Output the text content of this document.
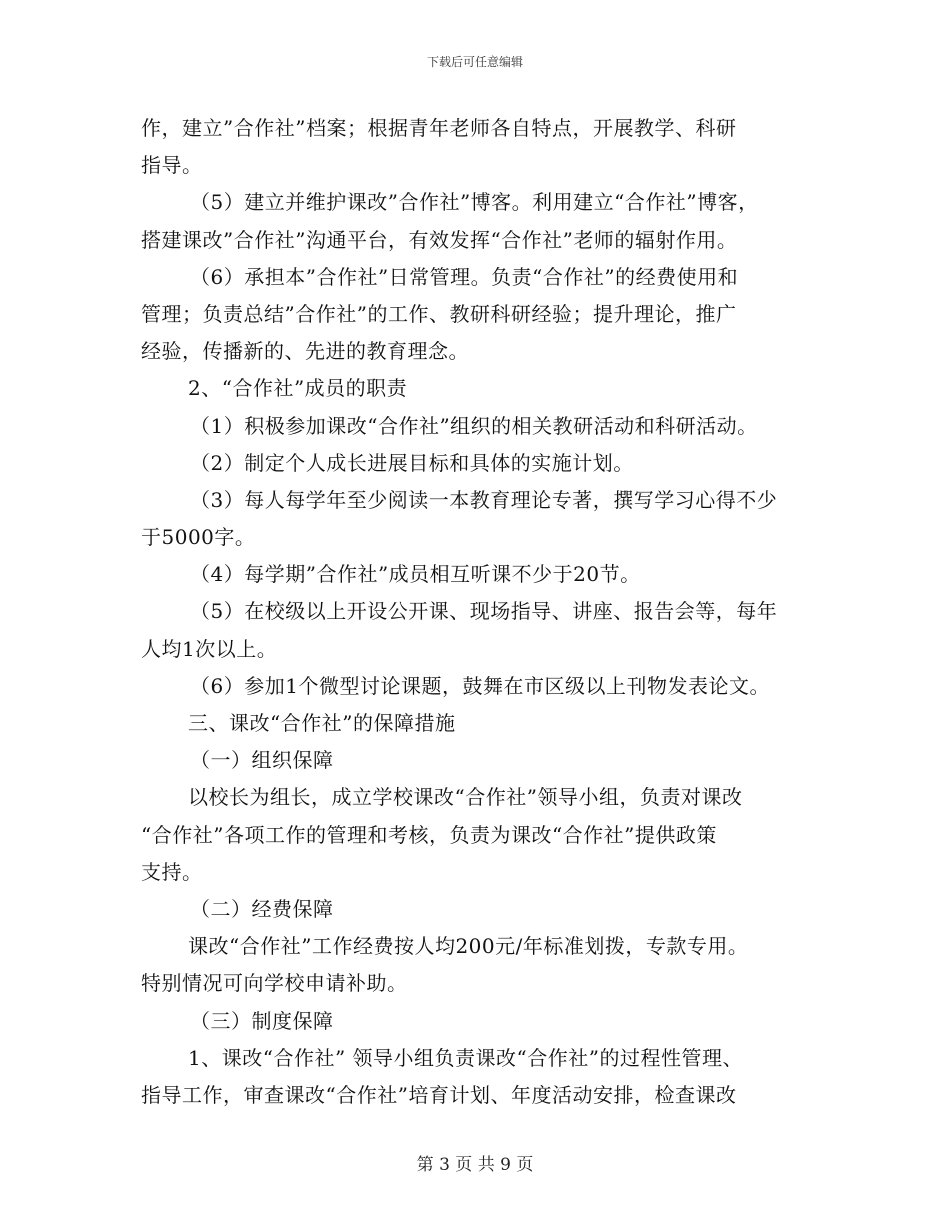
下载后可任意编辑
作，建立”合作社”档案；根据青年老师各自特点，开展教学、科研
指导。
（5）建立并维护课改”合作社”博客。利用建立“合作社”博客，
搭建课改”合作社”沟通平台，有效发挥“合作社”老师的辐射作用。
（6）承担本”合作社”日常管理。负责“合作社”的经费使用和
管理；负责总结”合作社”的工作、教研科研经验；提升理论，推广
经验，传播新的、先进的教育理念。
2、“合作社”成员的职责
（1）积极参加课改“合作社”组织的相关教研活动和科研活动。
（2）制定个人成长进展目标和具体的实施计划。
（3）每人每学年至少阅读一本教育理论专著，撰写学习心得不少
于5000字。
（4）每学期”合作社”成员相互听课不少于20节。
（5）在校级以上开设公开课、现场指导、讲座、报告会等，每年
人均1次以上。
（6）参加1个微型讨论课题，鼓舞在市区级以上刊物发表论文。
三、课改“合作社”的保障措施
（一）组织保障
以校长为组长，成立学校课改“合作社”领导小组，负责对课改
“合作社”各项工作的管理和考核，负责为课改“合作社”提供政策
支持。
（二）经费保障
课改“合作社”工作经费按人均200元/年标准划拨，专款专用。
特别情况可向学校申请补助。
（三）制度保障
1、课改“合作社” 领导小组负责课改“合作社”的过程性管理、
指导工作，审查课改“合作社”培育计划、年度活动安排，检查课改
第 3 页 共 9 页
